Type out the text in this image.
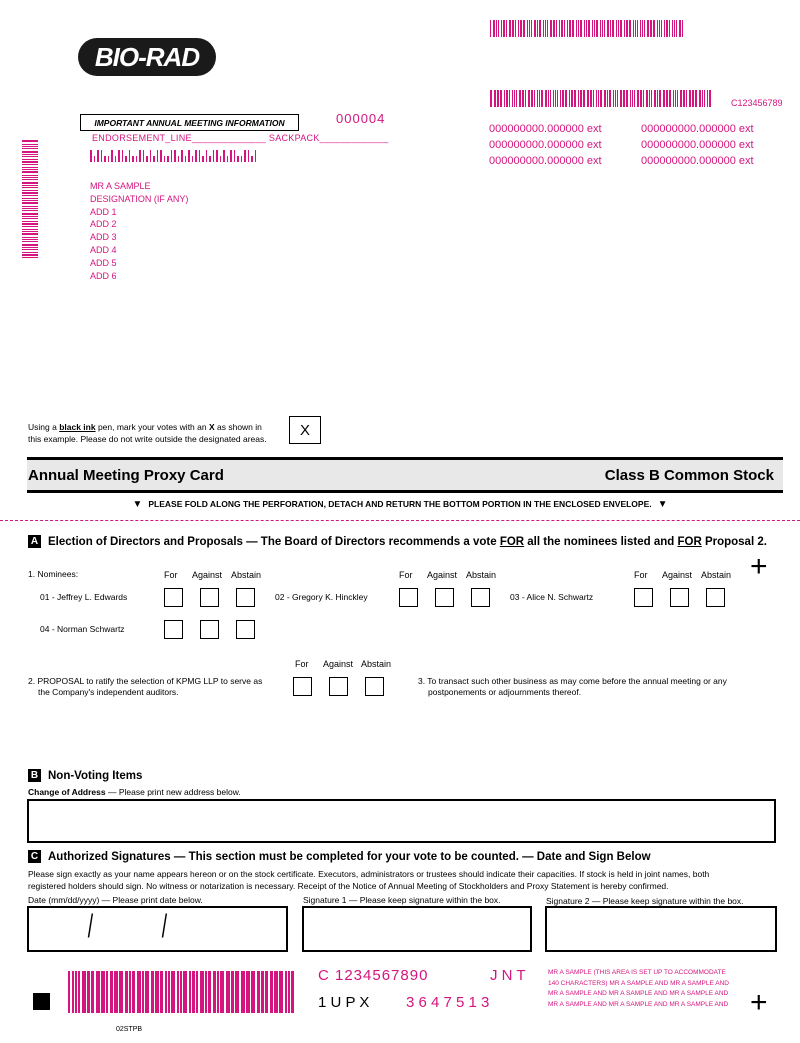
BIO-RAD
C123456789
000000000.000000 ext
000000000.000000 ext
000000000.000000 ext
000000000.000000 ext
000000000.000000 ext
000000000.000000 ext
IMPORTANT ANNUAL MEETING INFORMATION	000004
ENDORSEMENT_LINE______________ SACKPACK_____________
MR A SAMPLE
DESIGNATION (IF ANY)
ADD 1
ADD 2
ADD 3
ADD 4
ADD 5
ADD 6
Using a black ink pen, mark your votes with an X as shown in
this example. Please do not write outside the designated areas.
X
Annual Meeting Proxy Card	Class B Common Stock
▼ PLEASE FOLD ALONG THE PERFORATION, DETACH AND RETURN THE BOTTOM PORTION IN THE ENCLOSED ENVELOPE. ▼
A Election of Directors and Proposals — The Board of Directors recommends a vote FOR all the nominees listed and FOR Proposal 2.
1. Nominees:	+
For Against Abstain	For Against Abstain	For Against Abstain
01 - Jeffrey L. Edwards	02 - Gregory K. Hinckley	03 - Alice N. Schwartz
04 - Norman Schwartz
For Against Abstain
2. PROPOSAL to ratify the selection of KPMG LLP to serve as
the Company's independent auditors.
3. To transact such other business as may come before the annual meeting or any
postponements or adjournments thereof.
B Non-Voting Items
Change of Address — Please print new address below.
C Authorized Signatures — This section must be completed for your vote to be counted. — Date and Sign Below
Please sign exactly as your name appears hereon or on the stock certificate. Executors, administrators or trustees should indicate their capacities. If stock is held in joint names, both
registered holders should sign. No witness or notarization is necessary. Receipt of the Notice of Annual Meeting of Stockholders and Proxy Statement is hereby confirmed.
Date (mm/dd/yyyy) — Please print date below.	Signature 1 — Please keep signature within the box.	Signature 2 — Please keep signature within the box.
/ /
C 1234567890	J N T
1 U P X 3 6 4 7 5 1 3
MR A SAMPLE (THIS AREA IS SET UP TO ACCOMMODATE
140 CHARACTERS) MR A SAMPLE AND MR A SAMPLE AND
MR A SAMPLE AND MR A SAMPLE AND MR A SAMPLE AND
MR A SAMPLE AND MR A SAMPLE AND MR A SAMPLE AND +
02STPB
